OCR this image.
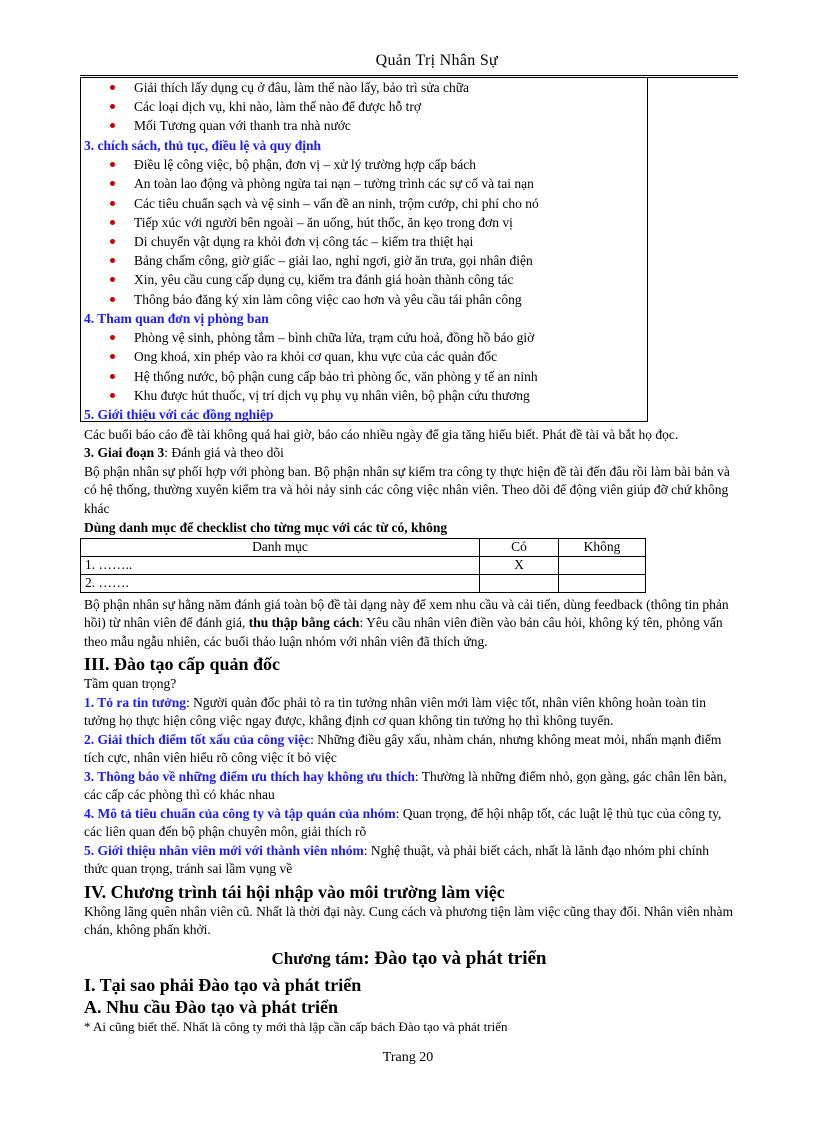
Quản Trị Nhân Sự
Giải thích lấy dụng cụ ở đâu, làm thế nào lấy, bảo trì sửa chữa
Các loại dịch vụ, khi nào, làm thế nào để được hỗ trợ
Mối Tương quan với thanh tra nhà nước
3. chích sách, thủ tục, điều lệ và quy định
Điều lệ công việc, bộ phận, đơn vị – xử lý trường hợp cấp bách
An toàn lao động và phòng ngừa tai nạn – tường trình các sự cố và tai nạn
Các tiêu chuẩn sạch và vệ sinh – vấn đề an ninh, trộm cướp, chi phí cho nó
Tiếp xúc với người bên ngoài – ăn uống, hút thốc, ăn kẹo trong đơn vị
Di chuyển vật dụng ra khỏi đơn vị công tác – kiểm tra thiệt hại
Bảng chấm công, giờ giấc – giải lao, nghỉ ngơi, giờ ăn trưa, gọi nhân điện
Xin, yêu cầu cung cấp dụng cụ, kiểm tra đánh giá hoàn thành công tác
Thông báo đăng ký xin làm công việc cao hơn và yêu cầu tái phân công
4. Tham quan đơn vị phòng ban
Phòng vệ sinh, phòng tắm – bình chữa lửa, trạm cứu hoả, đồng hồ báo giờ
Ong khoá, xin phép vào ra khỏi cơ quan, khu vực của các quản đốc
Hệ thống nước, bộ phận cung cấp bảo trì phòng ốc, văn phòng y tế an ninh
Khu được hút thuốc, vị trí dịch vụ phụ vụ nhân viên, bộ phận cứu thương
5. Giới thiệu với các đồng nghiệp

Các buổi báo cáo đề tài không quá hai giờ, báo cáo nhiều ngày để gia tăng hiểu biết. Phát đề tài và bắt họ đọc.

3. Giai đoạn 3: Đánh giá và theo dõi

Bộ phận nhân sự phối hợp với phòng ban. Bộ phận nhân sự kiểm tra công ty thực hiện đề tài đến đâu rồi làm bài bản và có hệ thống, thường xuyên kiểm tra và hỏi nảy sinh các công việc nhân viên. Theo dõi để động viên giúp đỡ chứ không khác

Dùng danh mục để checklist cho từng mục với các từ có, không

Danh mục	Có	Không
1. ……..	X	
2. …….		

Bộ phận nhân sự hằng năm đánh giá toàn bộ đề tài dạng này để xem nhu cầu và cải tiến, dùng feedback (thông tin phản hồi) từ nhân viên để đánh giá, thu thập bằng cách: Yêu cầu nhân viên điền vào bản câu hỏi, không ký tên, phỏng vấn theo mẫu ngẫu nhiên, các buổi thảo luận nhóm với nhân viên đã thích ứng.

III. Đào tạo cấp quản đốc

Tầm quan trọng?

1. Tỏ ra tin tưởng: Người quản đốc phải tỏ ra tin tưởng nhân viên mới làm việc tốt, nhân viên không hoàn toàn tin tưởng họ thực hiện công việc ngay được, khẳng định cơ quan không tin tưởng họ thì không tuyển.

2. Giải thích điểm tốt xấu của công việc: Những điều gây xấu, nhàm chán, nhưng không meat mỏi, nhấn mạnh điểm tích cực, nhân viên hiểu rõ công việc ít bỏ việc

3. Thông báo về những điểm ưu thích hay không ưu thích: Thường là những điểm nhỏ, gọn gàng, gác chân lên bàn, các cấp các phòng thì có khác nhau

4. Mô tả tiêu chuẩn của công ty và tập quán của nhóm: Quan trọng, để hội nhập tốt, các luật lệ thủ tục của công ty, các liên quan đến bộ phận chuyên môn, giải thích rõ

5. Giới thiệu nhân viên mới với thành viên nhóm: Nghệ thuật, và phải biết cách, nhất là lãnh đạo nhóm phi chính thức quan trọng, tránh sai lầm vụng về

IV. Chương trình tái hội nhập vào môi trường làm việc

Không lãng quên nhân viên cũ. Nhất là thời đại này. Cung cách và phương tiện làm việc cũng thay đổi. Nhân viên nhàm chán, không phấn khởi.

Chương tám: Đào tạo và phát triển
I. Tại sao phải Đào tạo và phát triển
A. Nhu cầu Đào tạo và phát triển

* Ai cũng biết thế. Nhất là công ty mới thà lập cần cấp bách Đào tạo và phát triển

Trang 20
